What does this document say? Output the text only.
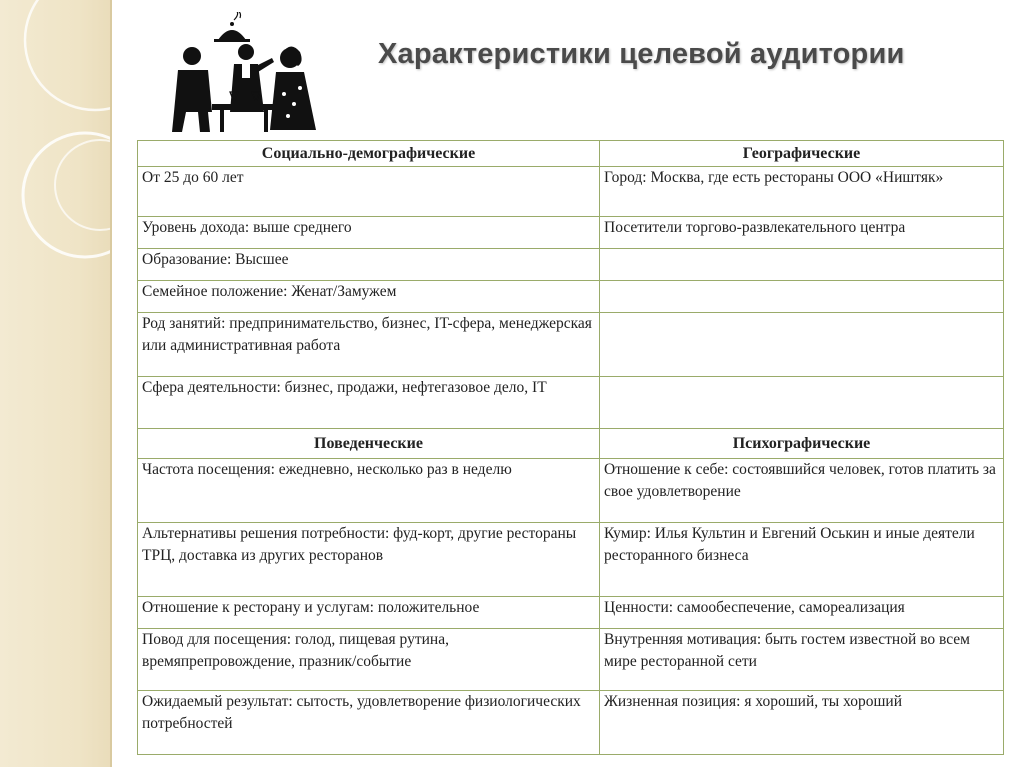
Характеристики целевой аудитории
Социально-демографические	Географические
От 25 до 60 лет	Город: Москва, где есть рестораны ООО «Ништяк»
Уровень дохода: выше среднего	Посетители торгово-развлекательного центра
Образование: Высшее	
Семейное положение: Женат/Замужем	
Род занятий: предпринимательство, бизнес, IT-сфера, менеджерская или административная работа	
Сфера деятельности: бизнес, продажи, нефтегазовое дело, IT	
Поведенческие	Психографические
Частота посещения: ежедневно, несколько раз в неделю	Отношение к себе: состоявшийся человек, готов платить за свое удовлетворение
Альтернативы решения потребности: фуд-корт, другие рестораны ТРЦ, доставка из других ресторанов	Кумир: Илья Культин и Евгений Оськин и иные деятели ресторанного бизнеса
Отношение к ресторану и услугам: положительное	Ценности: самообеспечение, самореализация
Повод для посещения: голод, пищевая рутина, времяпрепровождение, празник/событие	Внутренняя мотивация: быть гостем известной во всем мире ресторанной сети
Ожидаемый результат: сытость, удовлетворение физиологических потребностей	Жизненная позиция: я хороший, ты хороший
